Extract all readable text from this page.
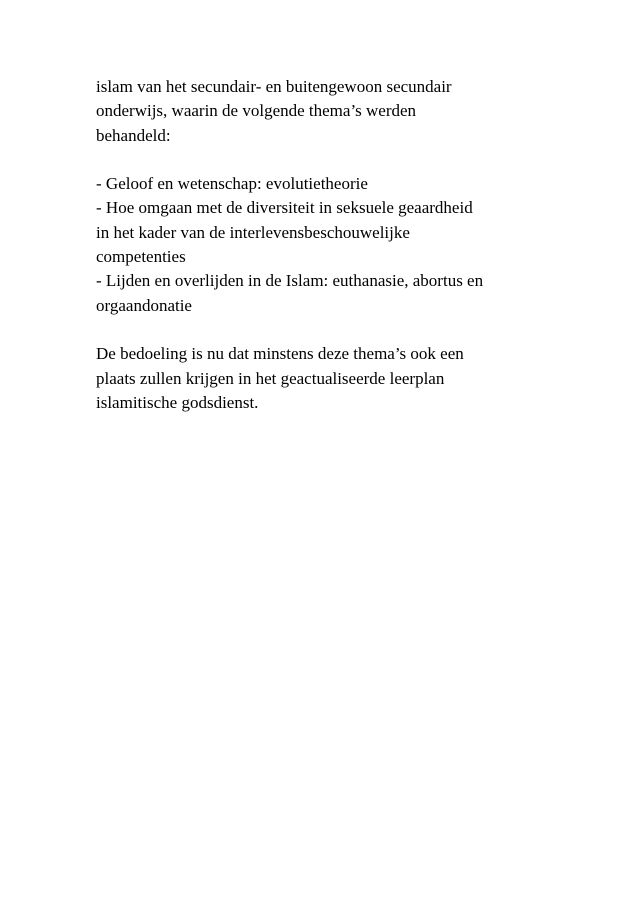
islam van het secundair- en buitengewoon secundair
onderwijs, waarin de volgende thema’s werden
behandeld:
- Geloof en wetenschap: evolutietheorie
- Hoe omgaan met de diversiteit in seksuele geaardheid
in het kader van de interlevensbeschouwelijke
competenties
- Lijden en overlijden in de Islam: euthanasie, abortus en
orgaandonatie
De bedoeling is nu dat minstens deze thema’s ook een
plaats zullen krijgen in het geactualiseerde leerplan
islamitische godsdienst.
